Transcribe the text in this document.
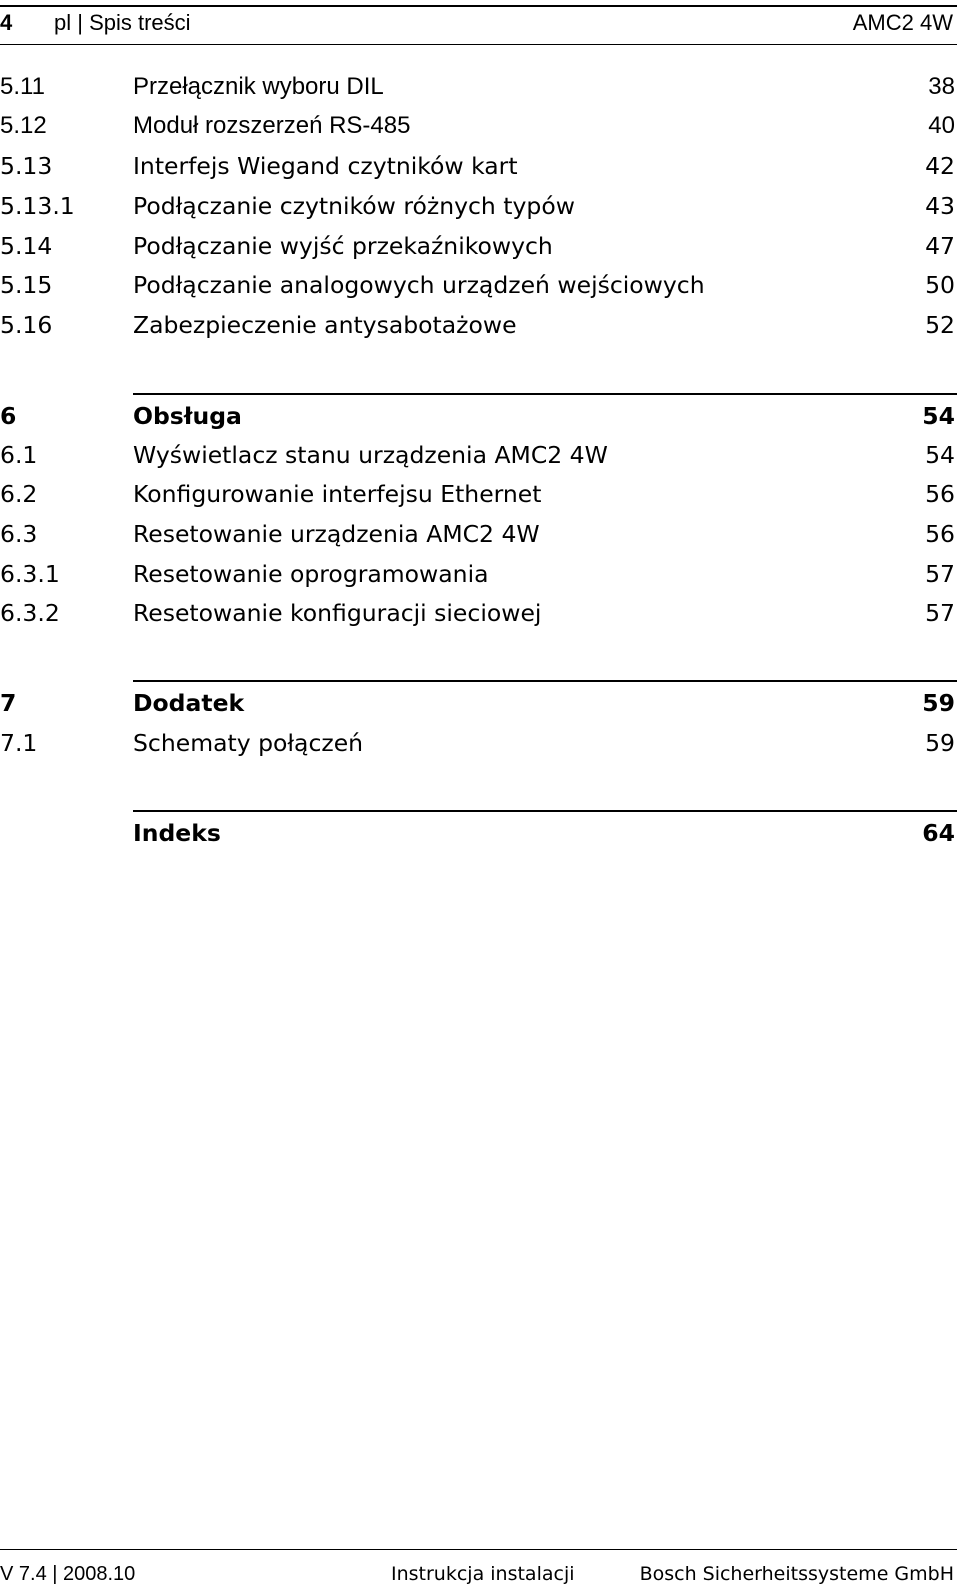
4 pl | Spis treści	AMC2 4W
5.11	Przełącznik wyboru DIL	38
5.12	Moduł rozszerzeń RS-485	40
5.13	Interfejs Wiegand czytników kart	42
5.13.1 Podłączanie czytników różnych typów	43
5.14	Podłączanie wyjść przekaźnikowych	47
5.15	Podłączanie analogowych urządzeń wejściowych	50
5.16	Zabezpieczenie antysabotażowe	52
6	Obsługa	54
6.1	Wyświetlacz stanu urządzenia AMC2 4W	54
6.2	Konfigurowanie interfejsu Ethernet	56
6.3	Resetowanie urządzenia AMC2 4W	56
6.3.1	Resetowanie oprogramowania	57
6.3.2	Resetowanie konfiguracji sieciowej	57
7	Dodatek	59
7.1	Schematy połączeń	59
Indeks	64
V 7.4 | 2008.10	Instrukcja instalacji	Bosch Sicherheitssysteme GmbH
